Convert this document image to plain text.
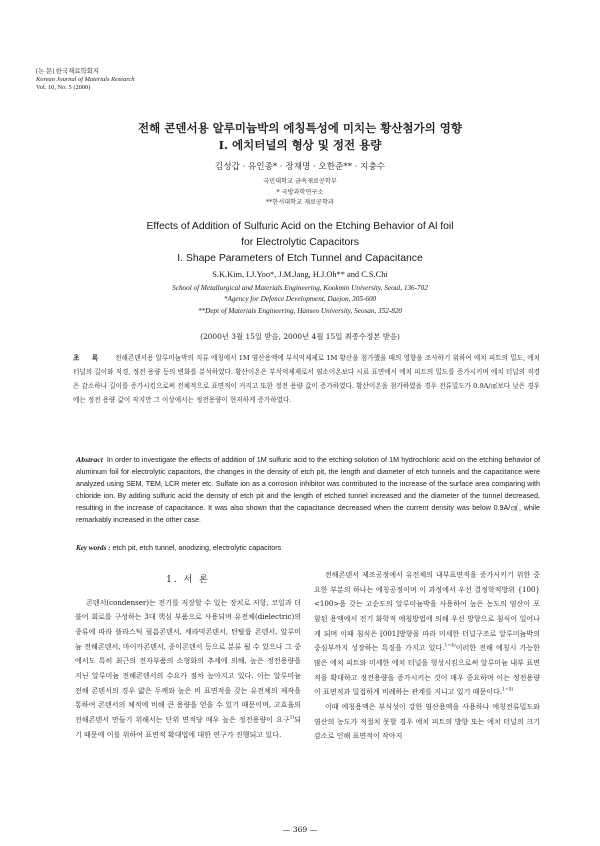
[논 문] 한국재료학회지
Korean Journal of Materials Research
Vol. 10, No. 5 (2000)
전해 콘덴서용 알루미늄박의 에칭특성에 미치는 황산첨가의 영향
I. 에치터널의 형상 및 정전 용량
김성갑 · 유인종* · 장재명 · 오한준** · 지충수
국민대학교 금속재료공학부
* 국방과학연구소
**한서대학교 재료공학과
Effects of Addition of Sulfuric Acid on the Etching Behavior of Al foil
for Electrolytic Capacitors
I. Shape Parameters of Etch Tunnel and Capacitance
S.K.Kim, I.J.Yoo*, J.M.Jang, H.J.Oh** and C.S.Chi
School of Metallurgical and Materials Engineering, Kookmin University, Seoul, 136-702
*Agency for Defence Development, Daejon, 305-600
**Dept of Materials Engineering, Hanseo University, Seosan, 352-820
(2000년 3월 15일 받음, 2000년 4월 15일 최종수정본 받음)
초 록 전해콘덴서용 알루미늄박의 직류 에칭에서 1M 염산용액에 부식억제제로 1M 황산을 첨가했을 때의 영향을 조사하기 위하여 에치 피트의 밀도, 에치 터널의 길이와 직경, 정전 용량 등의 변화를 분석하였다. 황산이온은 부식억제제로서 염소이온보다 시료 표면에서 에치 피트의 밀도를 증가시키며 에치 터널의 직경은 감소하나 길이를 증가시킴으로써 전체적으로 표면적이 커지고 또한 정전 용량 값이 증가하였다. 황산이온을 첨가하였을 경우 전류밀도가 0.9A/㎠보다 낮은 경우에는 정전 용량 값이 작지만 그 이상에서는 정전용량이 현저하게 증가하였다.
Abstract In order to investigate the effects of addition of 1M sulfuric acid to the etching solution of 1M hydrochloric acid on the etching behavior of aluminum foil for electrolytic capacitors, the changes in the density of etch pit, the length and diameter of etch tunnels and the capacitance were analyzed using SEM, TEM, LCR meter etc. Sulfate ion as a corrosion inhibitor was contributed to the increase of the surface area comparing with chloride ion. By adding sulfuric acid the density of etch pit and the length of etched tunnel increased and the diameter of the tunnel decreased, resulting in the increase of capacitance. It was also shown that the capacitance decreased when the current density was below 0.9A/㎠, while remarkably increased in the other case.
Key words : etch pit, etch tunnel, anodizing, electrolytic capacitors
1. 서 론

콘덴서(condenser)는 전기를 저장할 수 있는 장치로 저항, 코일과 더불어 회로를 구성하는 3대 핵심 부품으로 사용되며 유전체(dielectric)의 종류에 따라 플라스틱 필름콘덴서, 세라믹콘덴서, 탄탈륨 콘덴서, 알루미늄 전해콘덴서, 마이카콘덴서, 종이콘덴서 등으로 분류 될 수 있으나 그 중에서도 특히 최근의 전자부품의 소형화의 추세에 의해, 높은 정전용량을 지닌 알루미늄 전해콘덴서의 수요가 점차 높아지고 있다. 이는 알루미늄 전해 콘덴서의 경우 얇은 두께와 높은 비 표면적을 갖는 유전체의 제작을 통하여 콘덴서의 체적에 비해 큰 용량을 얻을 수 있기 때문이며, 고효율의 전해콘덴서 만들기 위해서는 단위 면적당 매우 높은 정전용량이 요구$^{1)}$되기 때문에 이를 위하여 표면적 확대법에 대한 연구가 진행되고 있다.

전해콘덴서 제조공정에서 유전체의 내부표면적을 증가시키기 위한 중요한 부분의 하나는 에칭공정이며 이 과정에서 우선 결정학적방위 {100}<100>을 갖는 고순도의 알루미늄박을 사용하여 높은 농도의 염산이 포함된 용액에서 전기 화학적 에칭방법에 의해 우선 방향으로 침식이 일어나게 되며 이때 침식은 [001]방향을 따라 미세한 터널구조로 알루미늄박의 중심부까지 성장하는 특징을 가지고 있다.$^{1\sim 4)}$이러한 전해 에칭시 가능한 많은 에치 피트와 미세한 에치 터널을 형성시킴으로써 알루미늄 내부 표면적을 확대하고 정전용량을 증가시키는 것이 매우 중요하며 이는 정전용량이 표면적과 밀접하게 비례하는 관계를 지니고 있기 때문이다.$^{1\sim 5)}$

이때 에칭용액은 부식성이 강한 염산용액을 사용하나 에칭전류밀도와 염산의 농도가 적절치 못할 경우 에치 피트의 방향 또는 에치 터널의 크기 감소로 인해 표면적이 작아지

— 369 —
